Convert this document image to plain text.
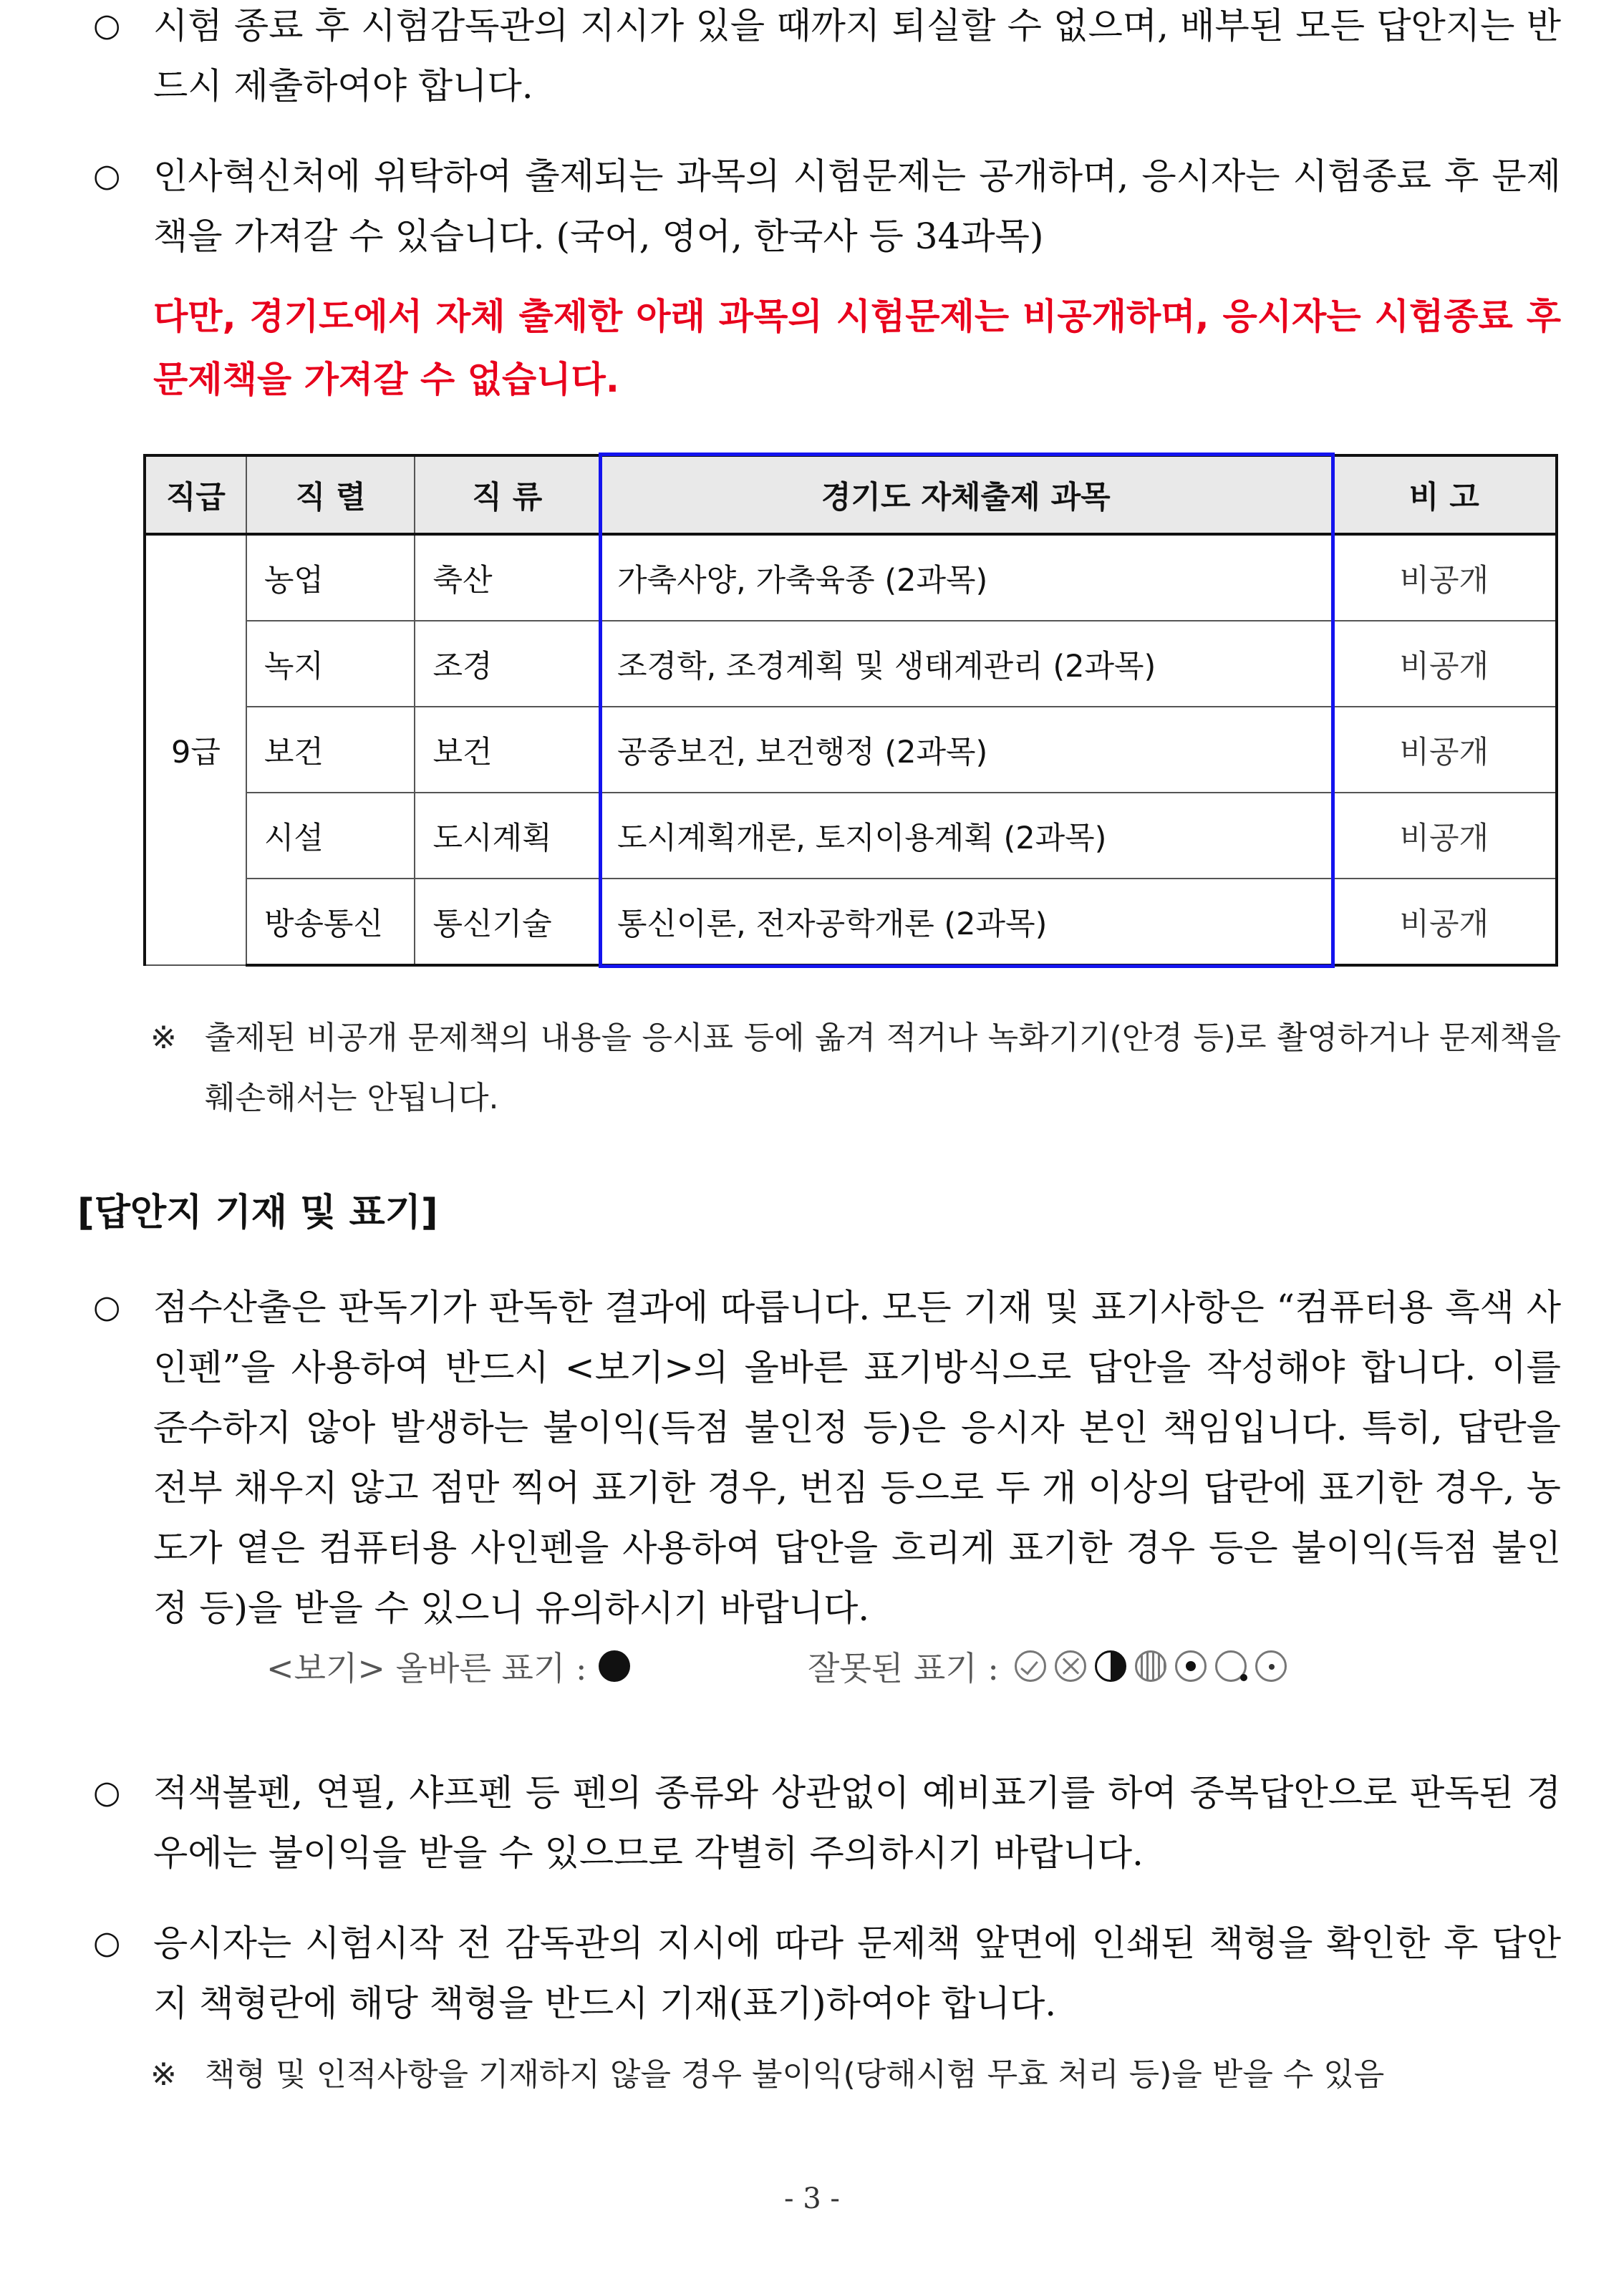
○ 시험 종료 후 시험감독관의 지시가 있을 때까지 퇴실할 수 없으며, 배부된 모든 답안지는 반드시 제출하여야 합니다.
○ 인사혁신처에 위탁하여 출제되는 과목의 시험문제는 공개하며, 응시자는 시험종료 후 문제책을 가져갈 수 있습니다. (국어, 영어, 한국사 등 34과목)
다만, 경기도에서 자체 출제한 아래 과목의 시험문제는 비공개하며, 응시자는 시험종료 후 문제책을 가져갈 수 없습니다.
직급	직 렬	직 류	경기도 자체출제 과목	비 고
9급	농업	축산	가축사양, 가축육종 (2과목)	비공개
	녹지	조경	조경학, 조경계획 및 생태계관리 (2과목)	비공개
	보건	보건	공중보건, 보건행정 (2과목)	비공개
	시설	도시계획	도시계획개론, 토지이용계획 (2과목)	비공개
	방송통신	통신기술	통신이론, 전자공학개론 (2과목)	비공개
※ 출제된 비공개 문제책의 내용을 응시표 등에 옮겨 적거나 녹화기기(안경 등)로 촬영하거나 문제책을 훼손해서는 안됩니다.
[답안지 기재 및 표기]
○ 점수산출은 판독기가 판독한 결과에 따릅니다. 모든 기재 및 표기사항은 “컴퓨터용 흑색 사인펜”을 사용하여 반드시 <보기>의 올바른 표기방식으로 답안을 작성해야 합니다. 이를 준수하지 않아 발생하는 불이익(득점 불인정 등)은 응시자 본인 책임입니다. 특히, 답란을 전부 채우지 않고 점만 찍어 표기한 경우, 번짐 등으로 두 개 이상의 답란에 표기한 경우, 농도가 옅은 컴퓨터용 사인펜을 사용하여 답안을 흐리게 표기한 경우 등은 불이익(득점 불인정 등)을 받을 수 있으니 유의하시기 바랍니다.
<보기> 올바른 표기 :	잘못된 표기 :
○ 적색볼펜, 연필, 샤프펜 등 펜의 종류와 상관없이 예비표기를 하여 중복답안으로 판독된 경우에는 불이익을 받을 수 있으므로 각별히 주의하시기 바랍니다.
○ 응시자는 시험시작 전 감독관의 지시에 따라 문제책 앞면에 인쇄된 책형을 확인한 후 답안지 책형란에 해당 책형을 반드시 기재(표기)하여야 합니다.
※ 책형 및 인적사항을 기재하지 않을 경우 불이익(당해시험 무효 처리 등)을 받을 수 있음
- 3 -
